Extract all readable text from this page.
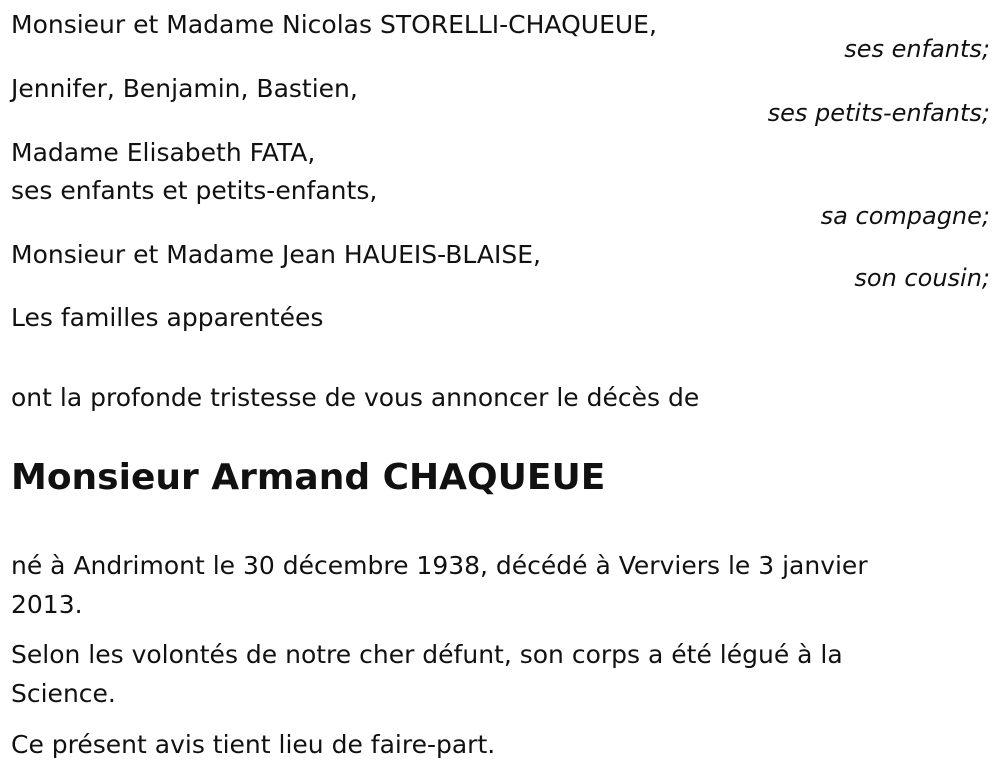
Monsieur et Madame Nicolas STORELLI-CHAQUEUE,
ses enfants;
Jennifer, Benjamin, Bastien,
ses petits-enfants;
Madame Elisabeth FATA,
ses enfants et petits-enfants,
sa compagne;
Monsieur et Madame Jean HAUEIS-BLAISE,
son cousin;
Les familles apparentées
ont la profonde tristesse de vous annoncer le décès de
Monsieur Armand CHAQUEUE
né à Andrimont le 30 décembre 1938, décédé à Verviers le 3 janvier
2013.
Selon les volontés de notre cher défunt, son corps a été légué à la
Science.
Ce présent avis tient lieu de faire-part.
